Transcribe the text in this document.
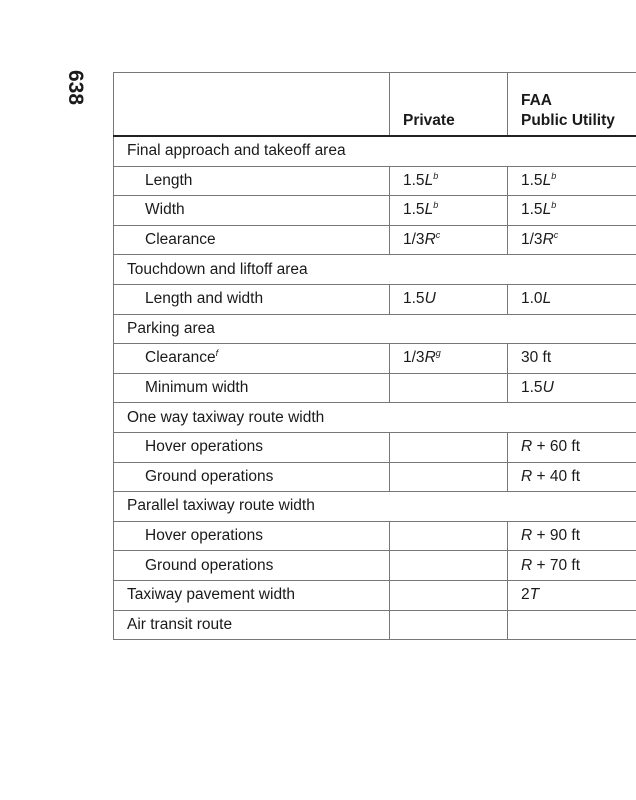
638
	Private	FAA
Public Utility

Final approach and takeoff area		
Length	$1.5L^b$	$1.5L^b$
Width	$1.5L^b$	$1.5L^b$
Clearance	$1/3R^c$	$1/3R^c$
Touchdown and liftoff area		
Length and width	1.5U	1.0L
Parking area		
Clearance$^f$	$1/3R^g$	30 ft
Minimum width		1.5U
One way taxiway route width		
Hover operations		R + 60 ft
Ground operations		R + 40 ft
Parallel taxiway route width		
Hover operations		R + 90 ft
Ground operations		R + 70 ft
Taxiway pavement width		2T
Air transit route		
